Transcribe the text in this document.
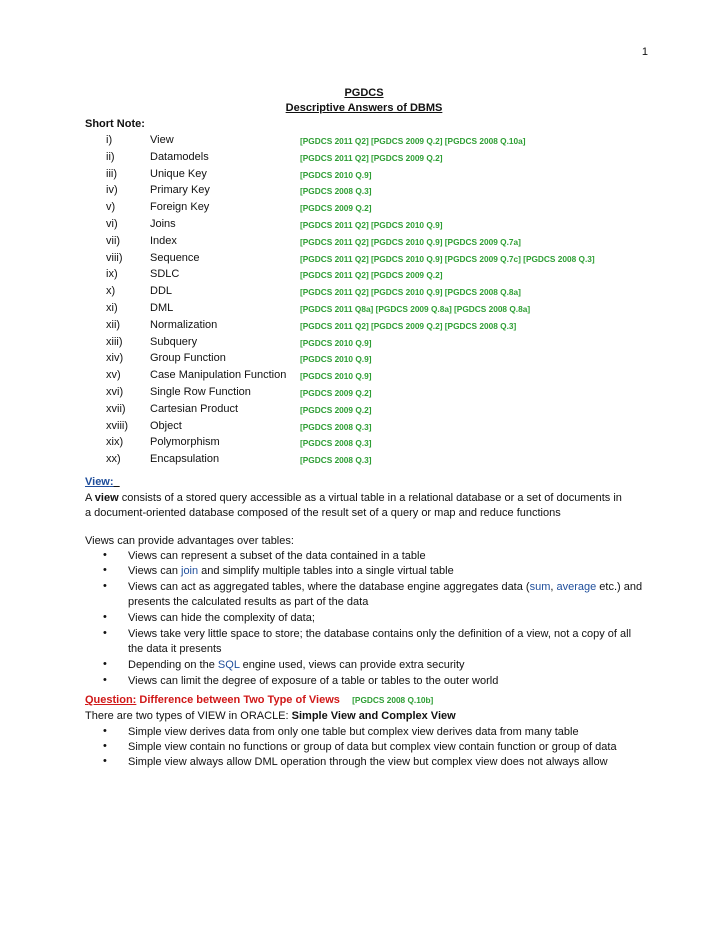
1
PGDCS
Descriptive Answers of DBMS
Short Note:
i)	View	[PGDCS 2011 Q2] [PGDCS 2009 Q.2] [PGDCS 2008 Q.10a]
ii)	Datamodels	[PGDCS 2011 Q2] [PGDCS 2009 Q.2]
iii)	Unique Key	[PGDCS 2010 Q.9]
iv)	Primary Key	[PGDCS 2008 Q.3]
v)	Foreign Key	[PGDCS 2009 Q.2]
vi)	Joins	[PGDCS 2011 Q2] [PGDCS 2010 Q.9]
vii)	Index	[PGDCS 2011 Q2] [PGDCS 2010 Q.9] [PGDCS 2009 Q.7a]
viii)	Sequence	[PGDCS 2011 Q2] [PGDCS 2010 Q.9] [PGDCS 2009 Q.7c] [PGDCS 2008 Q.3]
ix)	SDLC	[PGDCS 2011 Q2] [PGDCS 2009 Q.2]
x)	DDL	[PGDCS 2011 Q2] [PGDCS 2010 Q.9] [PGDCS 2008 Q.8a]
xi)	DML	[PGDCS 2011 Q8a] [PGDCS 2009 Q.8a] [PGDCS 2008 Q.8a]
xii)	Normalization	[PGDCS 2011 Q2] [PGDCS 2009 Q.2] [PGDCS 2008 Q.3]
xiii)	Subquery	[PGDCS 2010 Q.9]
xiv) Group Function	[PGDCS 2010 Q.9]
xv)	Case Manipulation Function [PGDCS 2010 Q.9]
xvi) Single Row Function	[PGDCS 2009 Q.2]
xvii) Cartesian Product	[PGDCS 2009 Q.2]
xviii) Object	[PGDCS 2008 Q.3]
xix) Polymorphism	[PGDCS 2008 Q.3]
xx)	Encapsulation	[PGDCS 2008 Q.3]
View:
A view consists of a stored query accessible as a virtual table in a relational database or a set of documents in
a document-oriented database composed of the result set of a query or map and reduce functions
Views can provide advantages over tables:
• Views can represent a subset of the data contained in a table
• Views can join and simplify multiple tables into a single virtual table
• Views can act as aggregated tables, where the database engine aggregates data (sum, average etc.) and
presents the calculated results as part of the data
• Views can hide the complexity of data;
• Views take very little space to store; the database contains only the definition of a view, not a copy of all
the data it presents
• Depending on the SQL engine used, views can provide extra security
• Views can limit the degree of exposure of a table or tables to the outer world
Question: Difference between Two Type of Views [PGDCS 2008 Q.10b]
There are two types of VIEW in ORACLE: Simple View and Complex View
• Simple view derives data from only one table but complex view derives data from many table
• Simple view contain no functions or group of data but complex view contain function or group of data
• Simple view always allow DML operation through the view but complex view does not always allow
